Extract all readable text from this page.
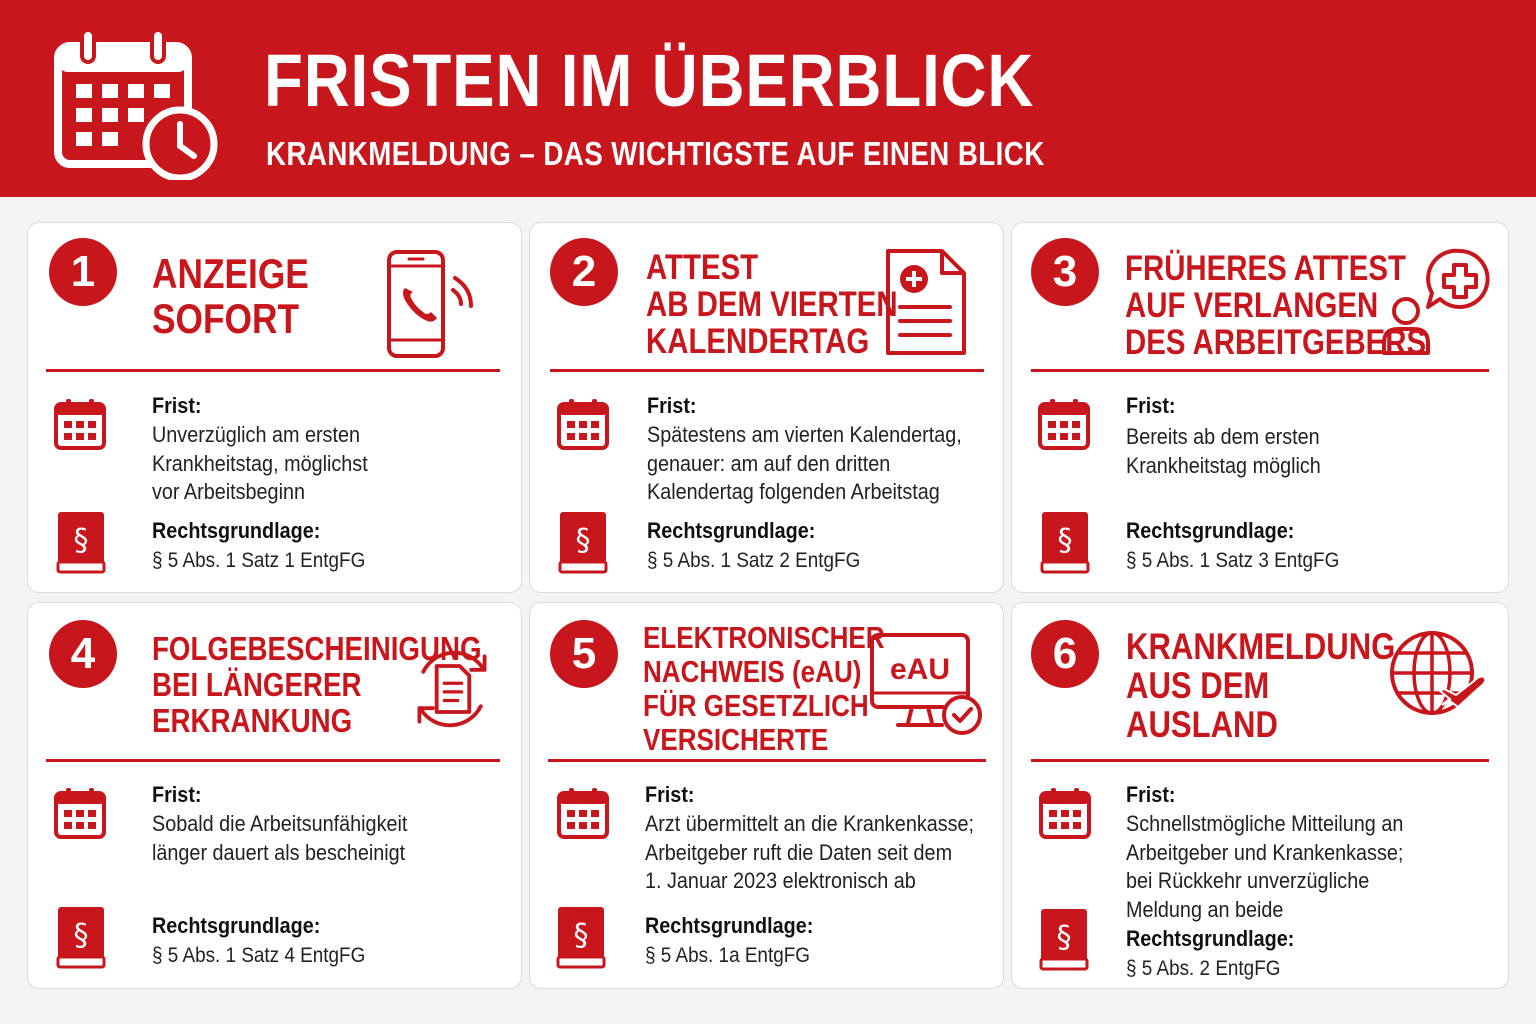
FRISTEN IM ÜBERBLICK
KRANKMELDUNG – DAS WICHTIGSTE AUF EINEN BLICK
1	ANZEIGE
SOFORT
Frist:
Unverzüglich am ersten
Krankheitstag, möglichst
vor Arbeitsbeginn
§	Rechtsgrundlage:
§ 5 Abs. 1 Satz 1 EntgFG
2	ATTEST
AB DEM VIERTEN
KALENDERTAG
Frist:
Spätestens am vierten Kalendertag,
genauer: am auf den dritten
Kalendertag folgenden Arbeitstag
§	Rechtsgrundlage:
§ 5 Abs. 1 Satz 2 EntgFG
3	FRÜHERES ATTEST
AUF VERLANGEN
DES ARBEITGEBERS
Frist:
Bereits ab dem ersten
Krankheitstag möglich
§ Rechtsgrundlage:
§ 5 Abs. 1 Satz 3 EntgFG
4	FOLGEBESCHEINIGUNG
BEI LÄNGERER
ERKRANKUNG
Frist:
Sobald die Arbeitsunfähigkeit
länger dauert als bescheinigt
§	Rechtsgrundlage:
§ 5 Abs. 1 Satz 4 EntgFG
5	ELEKTRONISCHER
NACHWEIS (eAU)
FÜR GESETZLICH
VERSICHERTE
eAU
Frist:
Arzt übermittelt an die Krankenkasse;
Arbeitgeber ruft die Daten seit dem
1. Januar 2023 elektronisch ab
§	Rechtsgrundlage:
§ 5 Abs. 1a EntgFG
6	KRANKMELDUNG
AUS DEM
AUSLAND
Frist:
Schnellstmögliche Mitteilung an
Arbeitgeber und Krankenkasse;
bei Rückkehr unverzügliche
Meldung an beide
§ Rechtsgrundlage:
§ 5 Abs. 2 EntgFG
